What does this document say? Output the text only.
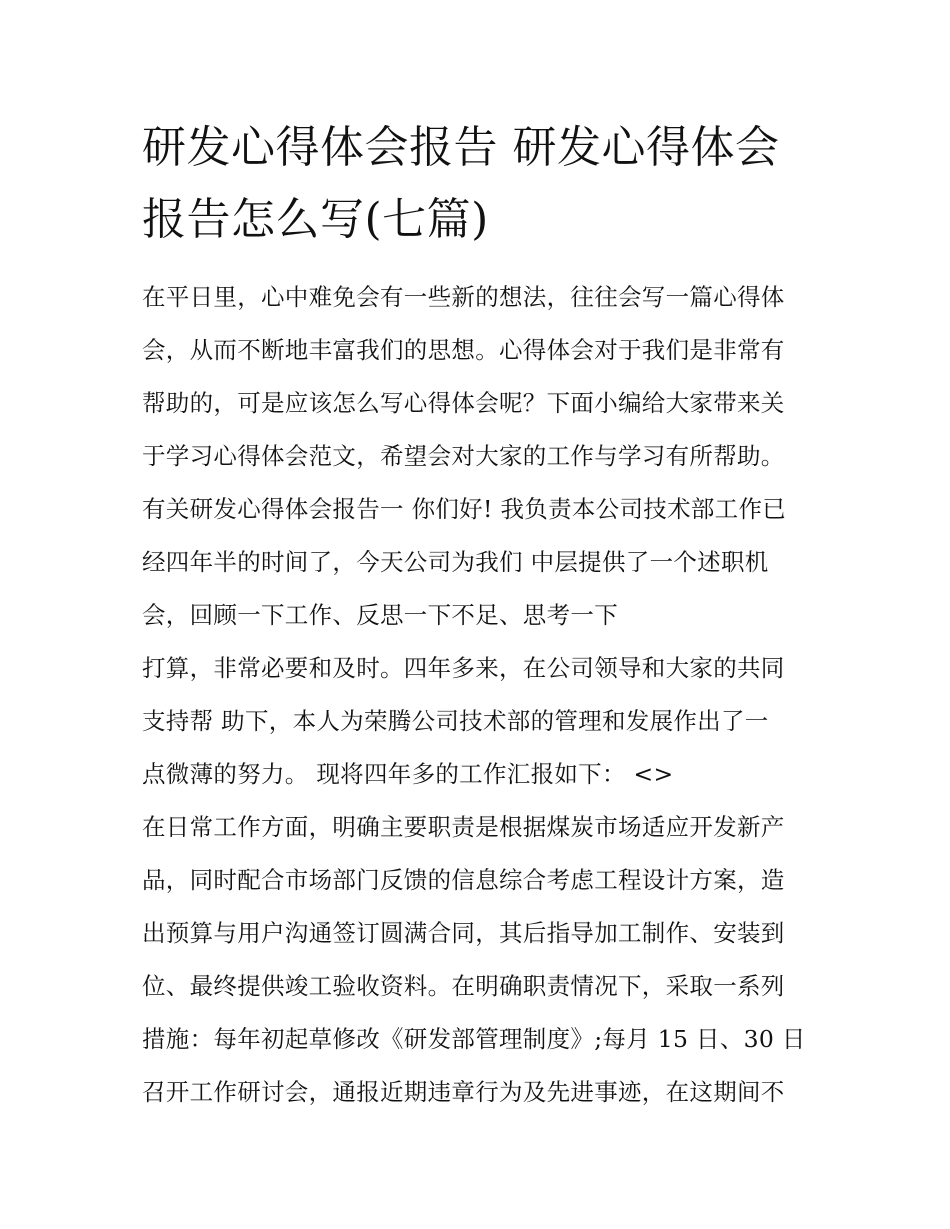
研发心得体会报告 研发心得体会报告怎么写(七篇)

在平日里，心中难免会有一些新的想法，往往会写一篇心得体

会，从而不断地丰富我们的思想。心得体会对于我们是非常有

帮助的，可是应该怎么写心得体会呢？下面小编给大家带来关

于学习心得体会范文，希望会对大家的工作与学习有所帮助。

有关研发心得体会报告一 你们好! 我负责本公司技术部工作已

经四年半的时间了，今天公司为我们 中层提供了一个述职机

会，回顾一下工作、反思一下不足、思考一下

打算，非常必要和及时。四年多来，在公司领导和大家的共同

支持帮 助下，本人为荣腾公司技术部的管理和发展作出了一

点微薄的努力。 现将四年多的工作汇报如下： <>

在日常工作方面，明确主要职责是根据煤炭市场适应开发新产

品，同时配合市场部门反馈的信息综合考虑工程设计方案，造

出预算与用户沟通签订圆满合同，其后指导加工制作、安装到

位、最终提供竣工验收资料。在明确职责情况下，采取一系列

措施：每年初起草修改《研发部管理制度》;每月 15 日、30 日

召开工作研讨会，通报近期违章行为及先进事迹，在这期间不
